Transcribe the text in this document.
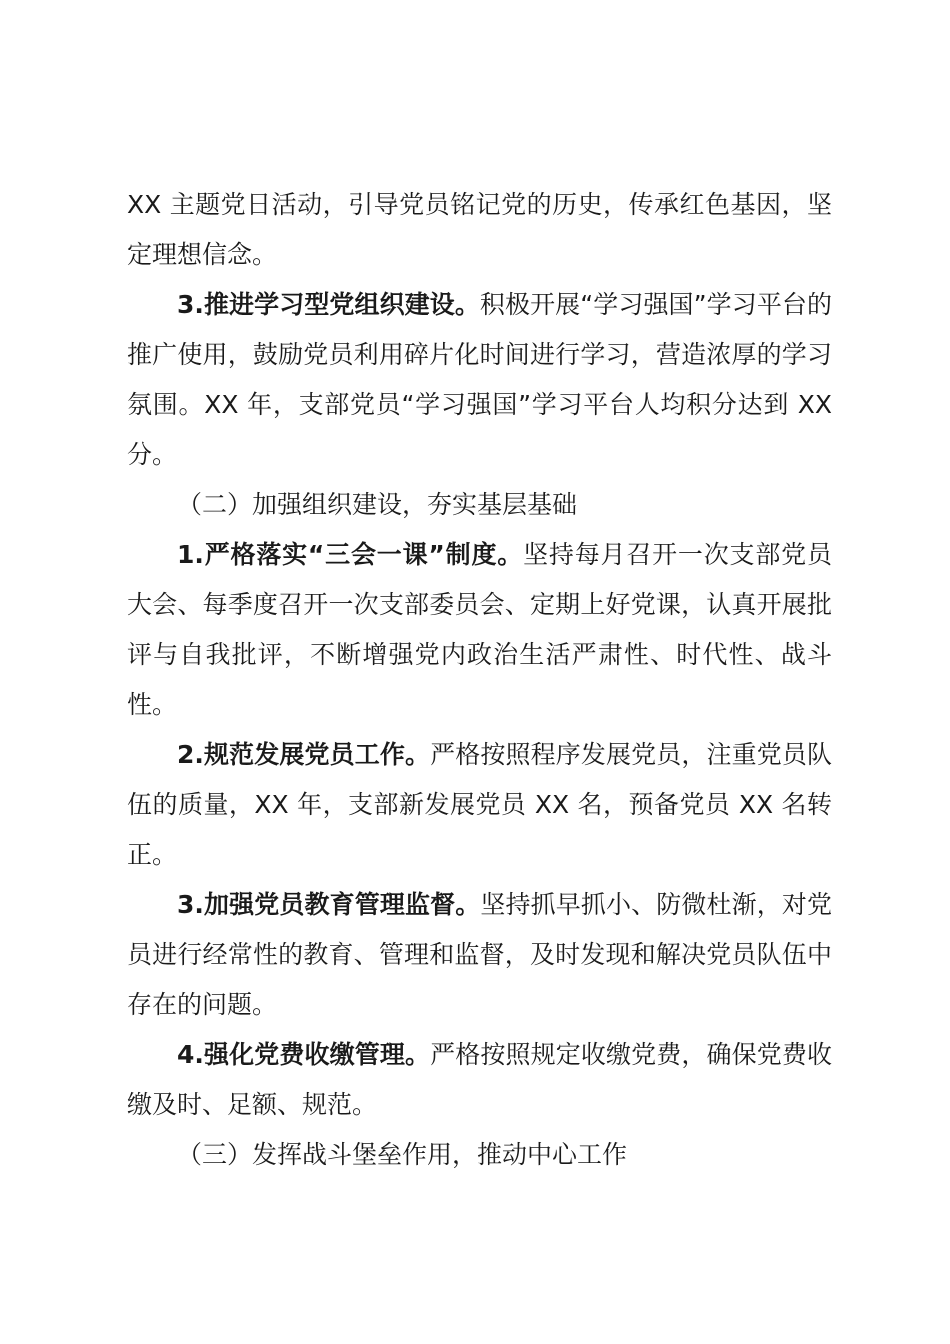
XX 主题党日活动，引导党员铭记党的历史，传承红色基因，坚定理想信念。

3.推进学习型党组织建设。积极开展“学习强国”学习平台的推广使用，鼓励党员利用碎片化时间进行学习，营造浓厚的学习氛围。XX 年，支部党员“学习强国”学习平台人均积分达到 XX 分。

（二）加强组织建设，夯实基层基础

1.严格落实“三会一课”制度。坚持每月召开一次支部党员大会、每季度召开一次支部委员会、定期上好党课，认真开展批评与自我批评，不断增强党内政治生活严肃性、时代性、战斗性。

2.规范发展党员工作。严格按照程序发展党员，注重党员队伍的质量，XX 年，支部新发展党员 XX 名，预备党员 XX 名转正。

3.加强党员教育管理监督。坚持抓早抓小、防微杜渐，对党员进行经常性的教育、管理和监督，及时发现和解决党员队伍中存在的问题。

4.强化党费收缴管理。严格按照规定收缴党费，确保党费收缴及时、足额、规范。

（三）发挥战斗堡垒作用，推动中心工作
